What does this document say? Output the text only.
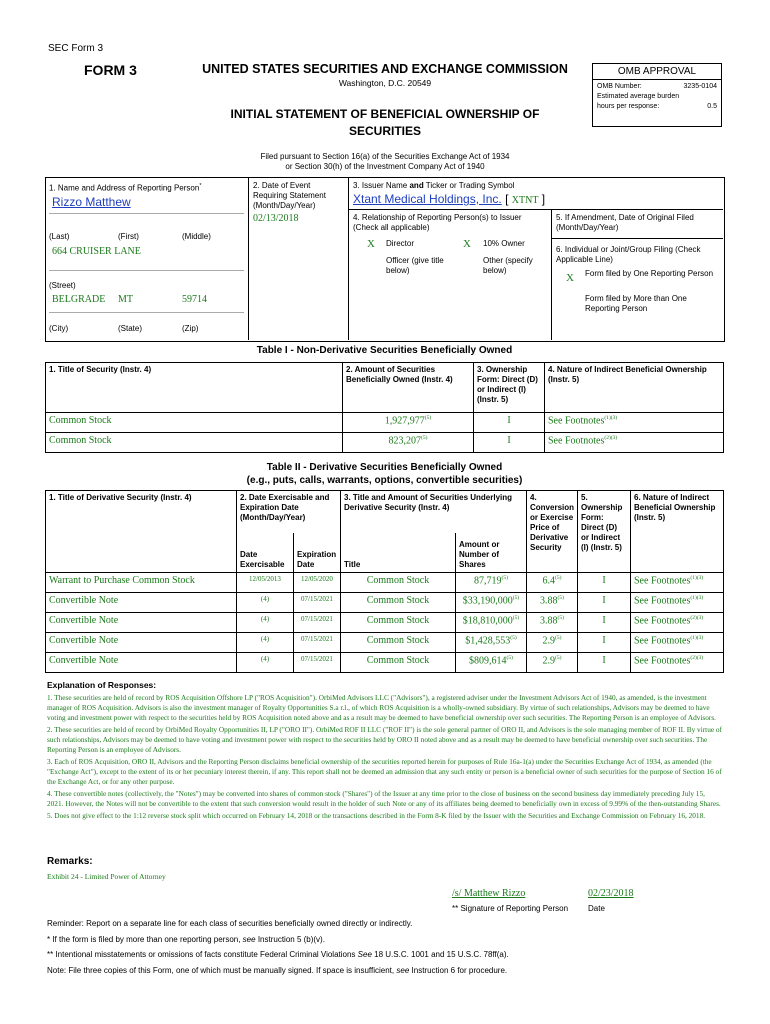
SEC Form 3
FORM 3	UNITED STATES SECURITIES AND EXCHANGE COMMISSION
Washington, D.C. 20549
INITIAL STATEMENT OF BENEFICIAL OWNERSHIP OF
SECURITIES
OMB APPROVAL
OMB Number:	3235-0104
Estimated average burden
hours per response:	0.5
Filed pursuant to Section 16(a) of the Securities Exchange Act of 1934
or Section 30(h) of the Investment Company Act of 1940
1. Name and Address of Reporting Person*
Rizzo Matthew
(Last)	(First)	(Middle)
664 CRUISER LANE
(Street)
BELGRADE MT	59714
(City)	(State)	(Zip)
2. Date of Event Requiring Statement (Month/Day/Year)
02/13/2018
3. Issuer Name and Ticker or Trading Symbol
Xtant Medical Holdings, Inc. [ XTNT ]
4. Relationship of Reporting Person(s) to Issuer (Check all applicable)
X Director	X 10% Owner
Officer (give title below)
Other (specify below)
5. If Amendment, Date of Original Filed (Month/Day/Year)
6. Individual or Joint/Group Filing (Check Applicable Line)
X Form filed by One Reporting Person
Form filed by More than One Reporting Person
Table I - Non-Derivative Securities Beneficially Owned
1. Title of Security (Instr. 4)	2. Amount of Securities Beneficially Owned (Instr. 4)	3. Ownership Form: Direct (D) or Indirect (I) (Instr. 5)	4. Nature of Indirect Beneficial Ownership (Instr. 5)
Common Stock	1,927,977$^{(5)}$	I	See Footnotes$^{(1)(3)}$
Common Stock	823,207$^{(5)}$	I	See Footnotes$^{(2)(3)}$
Table II - Derivative Securities Beneficially Owned
(e.g., puts, calls, warrants, options, convertible securities)
1. Title of Derivative Security (Instr. 4)	2. Date Exercisable and Expiration Date (Month/Day/Year)		3. Title and Amount of Securities Underlying Derivative Security (Instr. 4)		4. Conversion or Exercise Price of Derivative Security	5. Ownership Form: Direct (D) or Indirect (I) (Instr. 5)	6. Nature of Indirect Beneficial Ownership (Instr. 5)
	Date Exercisable	Expiration Date	Title	Amount or Number of Shares			
Warrant to Purchase Common Stock	12/05/2013	12/05/2020	Common Stock	87,719$^{(5)}$	6.4$^{(5)}$	I	See Footnotes$^{(1)(3)}$
Convertible Note	(4)	07/15/2021	Common Stock	$33,190,000$^{(5)}$	3.88$^{(5)}$	I	See Footnotes$^{(1)(3)}$
Convertible Note	(4)	07/15/2021	Common Stock	$18,810,000$^{(5)}$	3.88$^{(5)}$	I	See Footnotes$^{(2)(3)}$
Convertible Note	(4)	07/15/2021	Common Stock	$1,428,553$^{(5)}$	2.9$^{(5)}$	I	See Footnotes$^{(1)(3)}$
Convertible Note	(4)	07/15/2021	Common Stock	$809,614$^{(5)}$	2.9$^{(5)}$	I	See Footnotes$^{(2)(3)}$
Explanation of Responses:

1. These securities are held of record by ROS Acquisition Offshore LP ("ROS Acquisition"). OrbiMed Advisors LLC ("Advisors"), a registered adviser under the Investment Advisors Act of 1940, as amended, is the investment manager of ROS Acquisition. Advisors is also the investment manager of Royalty Opportunities S.a r.l., of which ROS Acquisition is a wholly-owned subsidiary. By virtue of such relationships, Advisors may be deemed to have voting and investment power with respect to the securities held by ROS Acquisition noted above and as a result may be deemed to have beneficial ownership over such securities. The Reporting Person is an employee of Advisors.

2. These securities are held of record by OrbiMed Royalty Opportunities II, LP ("ORO II"). OrbiMed ROF II LLC ("ROF II") is the sole general partner of ORO II, and Advisors is the sole managing member of ROF II. By virtue of such relationships, Advisors may be deemed to have voting and investment power with respect to the securities held by ORO II noted above and as a result may be deemed to have beneficial ownership over such securities. The Reporting Person is an employee of Advisors.

3. Each of ROS Acquisition, ORO II, Advisors and the Reporting Person disclaims beneficial ownership of the securities reported herein for purposes of Rule 16a-1(a) under the Securities Exchange Act of 1934, as amended (the "Exchange Act"), except to the extent of its or her pecuniary interest therein, if any. This report shall not be deemed an admission that any such entity or person is a beneficial owner of such securities for the purpose of Section 16 of the Exchange Act, or for any other purpose.

4. These convertible notes (collectively, the "Notes") may be converted into shares of common stock ("Shares") of the Issuer at any time prior to the close of business on the second business day immediately preceding July 15, 2021. However, the Notes will not be convertible to the extent that such conversion would result in the holder of such Note or any of its affiliates being deemed to beneficially own in excess of 9.99% of the then-outstanding Shares.

5. Does not give effect to the 1:12 reverse stock split which occurred on February 14, 2018 or the transactions described in the Form 8-K filed by the Issuer with the Securities and Exchange Commission on February 16, 2018.

Remarks:
Exhibit 24 - Limited Power of Attorney
/s/ Matthew Rizzo	02/23/2018
** Signature of Reporting Person Date
Reminder: Report on a separate line for each class of securities beneficially owned directly or indirectly.
* If the form is filed by more than one reporting person, see Instruction 5 (b)(v).
** Intentional misstatements or omissions of facts constitute Federal Criminal Violations See 18 U.S.C. 1001 and 15 U.S.C. 78ff(a).
Note: File three copies of this Form, one of which must be manually signed. If space is insufficient, see Instruction 6 for procedure.
